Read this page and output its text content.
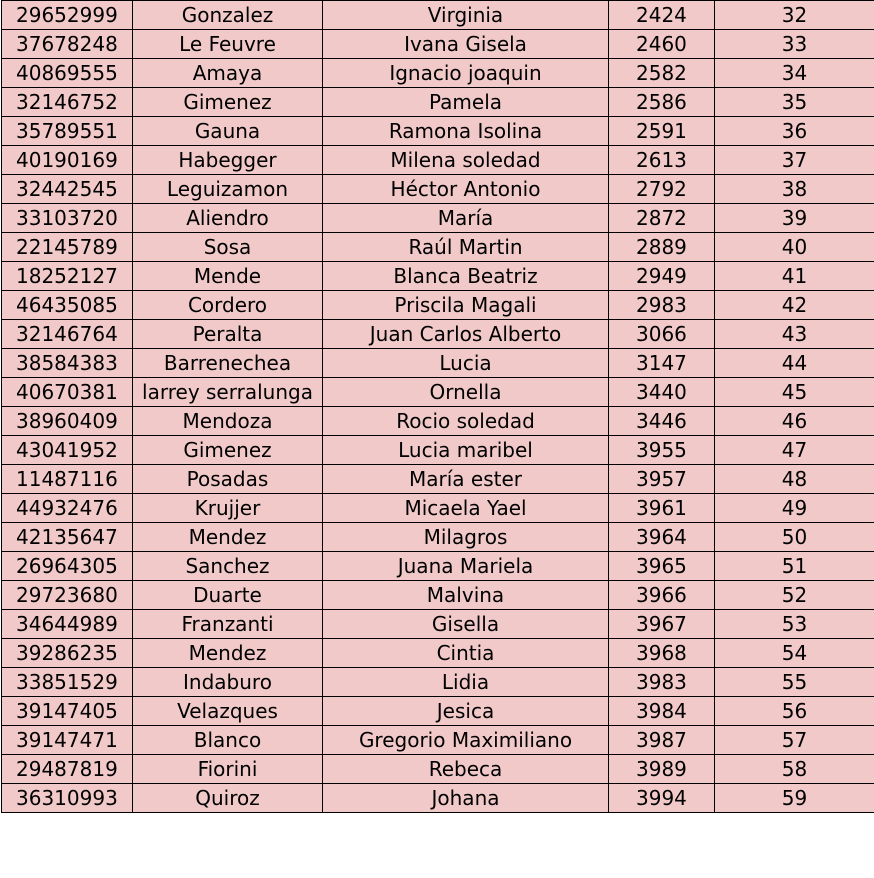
29652999	Gonzalez	Virginia	2424	32
37678248	Le Feuvre	Ivana Gisela	2460	33
40869555	Amaya	Ignacio joaquin	2582	34
32146752	Gimenez	Pamela	2586	35
35789551	Gauna	Ramona Isolina	2591	36
40190169	Habegger	Milena soledad	2613	37
32442545	Leguizamon	Héctor Antonio	2792	38
33103720	Aliendro	María	2872	39
22145789	Sosa	Raúl Martin	2889	40
18252127	Mende	Blanca Beatriz	2949	41
46435085	Cordero	Priscila Magali	2983	42
32146764	Peralta	Juan Carlos Alberto	3066	43
38584383	Barrenechea	Lucia	3147	44
40670381	larrey serralunga	Ornella	3440	45
38960409	Mendoza	Rocio soledad	3446	46
43041952	Gimenez	Lucia maribel	3955	47
11487116	Posadas	María ester	3957	48
44932476	Krujjer	Micaela Yael	3961	49
42135647	Mendez	Milagros	3964	50
26964305	Sanchez	Juana Mariela	3965	51
29723680	Duarte	Malvina	3966	52
34644989	Franzanti	Gisella	3967	53
39286235	Mendez	Cintia	3968	54
33851529	Indaburo	Lidia	3983	55
39147405	Velazques	Jesica	3984	56
39147471	Blanco	Gregorio Maximiliano	3987	57
29487819	Fiorini	Rebeca	3989	58
36310993	Quiroz	Johana	3994	59
